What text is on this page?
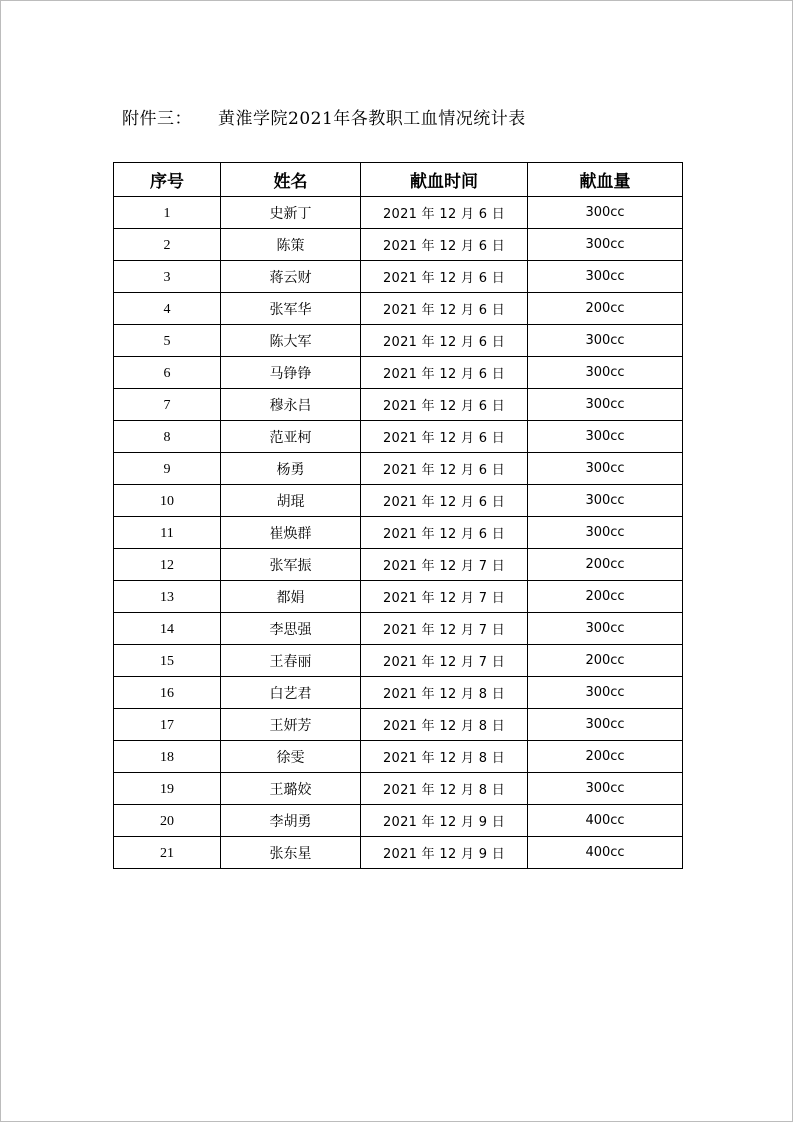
附件三： 黄淮学院2021年各教职工血情况统计表
序号	姓名	献血时间	献血量
1	史新丁	2021 年 12 月 6 日	300cc
2	陈策	2021 年 12 月 6 日	300cc
3	蒋云财	2021 年 12 月 6 日	300cc
4	张军华	2021 年 12 月 6 日	200cc
5	陈大军	2021 年 12 月 6 日	300cc
6	马铮铮	2021 年 12 月 6 日	300cc
7	穆永吕	2021 年 12 月 6 日	300cc
8	范亚柯	2021 年 12 月 6 日	300cc
9	杨勇	2021 年 12 月 6 日	300cc
10	胡琨	2021 年 12 月 6 日	300cc
11	崔焕群	2021 年 12 月 6 日	300cc
12	张军振	2021 年 12 月 7 日	200cc
13	都娟	2021 年 12 月 7 日	200cc
14	李思强	2021 年 12 月 7 日	300cc
15	王春丽	2021 年 12 月 7 日	200cc
16	白艺君	2021 年 12 月 8 日	300cc
17	王妍芳	2021 年 12 月 8 日	300cc
18	徐雯	2021 年 12 月 8 日	200cc
19	王璐姣	2021 年 12 月 8 日	300cc
20	李胡勇	2021 年 12 月 9 日	400cc
21	张东星	2021 年 12 月 9 日	400cc
